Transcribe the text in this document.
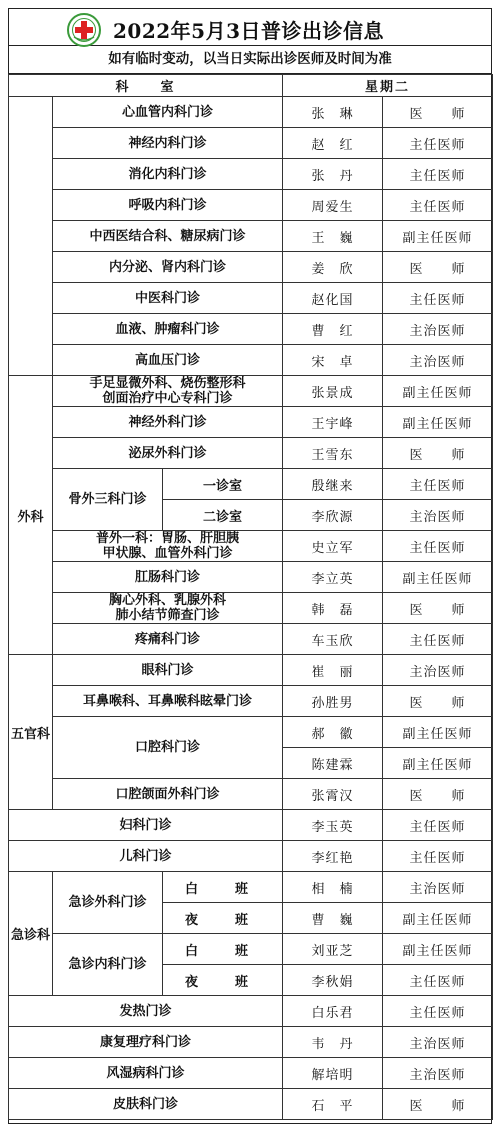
2022年5月3日普诊出诊信息
如有临时变动，以当日实际出诊医师及时间为准
科　　室			星期二	
	心血管内科门诊		张　琳	医　　师
	神经内科门诊		赵　红	主任医师
	消化内科门诊		张　丹	主任医师
	呼吸内科门诊		周爱生	主任医师
	中西医结合科、糖尿病门诊		王　巍	副主任医师
	内分泌、肾内科门诊		姜　欣	医　　师
	中医科门诊		赵化国	主任医师
	血液、肿瘤科门诊		曹　红	主治医师
	高血压门诊		宋　卓	主治医师
外科	手足显微外科、烧伤整形科
创面治疗中心专科门诊		张景成	副主任医师
	神经外科门诊		王宇峰	副主任医师
	泌尿外科门诊		王雪东	医　　师
	骨外三科门诊	一诊室	殷继来	主任医师
		二诊室	李欣源	主治医师

	普外一科：胃肠、肝胆胰
甲状腺、血管外科门诊		史立军	主任医师
	肛肠科门诊		李立英	副主任医师

	胸心外科、乳腺外科
肺小结节筛查门诊		韩　磊	医　　师
	疼痛科门诊		车玉欣	主任医师
五官科	眼科门诊		崔　丽	主治医师
	耳鼻喉科、耳鼻喉科眩晕门诊		孙胜男	医　　师
	口腔科门诊		郝　徽	副主任医师
			陈建霖	副主任医师
	口腔颌面外科门诊		张霄汉	医　　师
妇科门诊			李玉英	主任医师
儿科门诊			李红艳	主任医师
急诊科	急诊外科门诊	白　班	相　楠	主治医师
		夜　班	曹　巍	副主任医师
	急诊内科门诊	白　班	刘亚芝	副主任医师
		夜　班	李秋娟	主任医师
发热门诊			白乐君	主任医师
康复理疗科门诊			韦　丹	主治医师
风湿病科门诊			解培明	主治医师
皮肤科门诊			石　平	医　　师
